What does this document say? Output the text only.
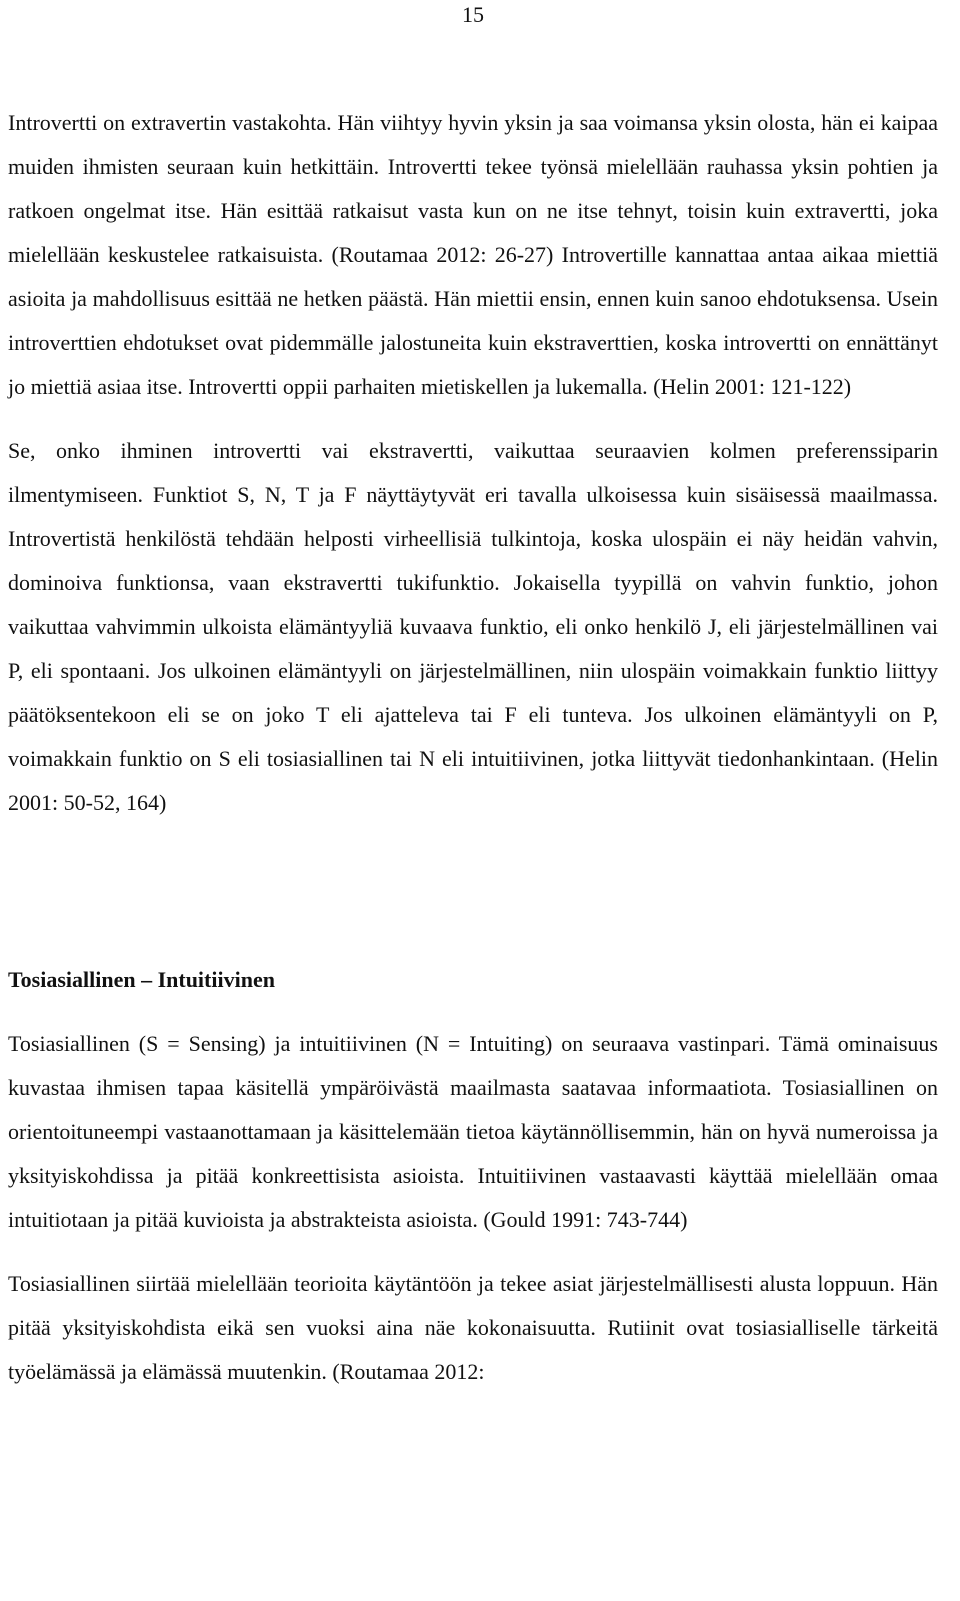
15

Introvertti on extravertin vastakohta. Hän viihtyy hyvin yksin ja saa voimansa yksin olosta, hän ei kaipaa muiden ihmisten seuraan kuin hetkittäin. Introvertti tekee työnsä mielellään rauhassa yksin pohtien ja ratkoen ongelmat itse. Hän esittää ratkaisut vasta kun on ne itse tehnyt, toisin kuin extravertti, joka mielellään keskustelee ratkaisuista. (Routamaa 2012: 26-27) Introvertille kannattaa antaa aikaa miettiä asioita ja mahdollisuus esittää ne hetken päästä. Hän miettii ensin, ennen kuin sanoo ehdotuksensa. Usein introverttien ehdotukset ovat pidemmälle jalostuneita kuin ekstraverttien, koska introvertti on ennättänyt jo miettiä asiaa itse. Introvertti oppii parhaiten mietiskellen ja lukemalla. (Helin 2001: 121-122)

Se, onko ihminen introvertti vai ekstravertti, vaikuttaa seuraavien kolmen preferenssiparin ilmentymiseen. Funktiot S, N, T ja F näyttäytyvät eri tavalla ulkoisessa kuin sisäisessä maailmassa. Introvertistä henkilöstä tehdään helposti virheellisiä tulkintoja, koska ulospäin ei näy heidän vahvin, dominoiva funktionsa, vaan ekstravertti tukifunktio. Jokaisella tyypillä on vahvin funktio, johon vaikuttaa vahvimmin ulkoista elämäntyyliä kuvaava funktio, eli onko henkilö J, eli järjestelmällinen vai P, eli spontaani. Jos ulkoinen elämäntyyli on järjestelmällinen, niin ulospäin voimakkain funktio liittyy päätöksentekoon eli se on joko T eli ajatteleva tai F eli tunteva. Jos ulkoinen elämäntyyli on P, voimakkain funktio on S eli tosiasiallinen tai N eli intuitiivinen, jotka liittyvät tiedonhankintaan. (Helin 2001: 50-52, 164)

Tosiasiallinen – Intuitiivinen

Tosiasiallinen (S = Sensing) ja intuitiivinen (N = Intuiting) on seuraava vastinpari. Tämä ominaisuus kuvastaa ihmisen tapaa käsitellä ympäröivästä maailmasta saatavaa informaatiota. Tosiasiallinen on orientoituneempi vastaanottamaan ja käsittelemään tietoa käytännöllisemmin, hän on hyvä numeroissa ja yksityiskohdissa ja pitää konkreettisista asioista. Intuitiivinen vastaavasti käyttää mielellään omaa intuitiotaan ja pitää kuvioista ja abstrakteista asioista. (Gould 1991: 743-744)

Tosiasiallinen siirtää mielellään teorioita käytäntöön ja tekee asiat järjestelmällisesti alusta loppuun. Hän pitää yksityiskohdista eikä sen vuoksi aina näe kokonaisuutta. Rutiinit ovat tosiasialliselle tärkeitä työelämässä ja elämässä muutenkin. (Routamaa 2012:
